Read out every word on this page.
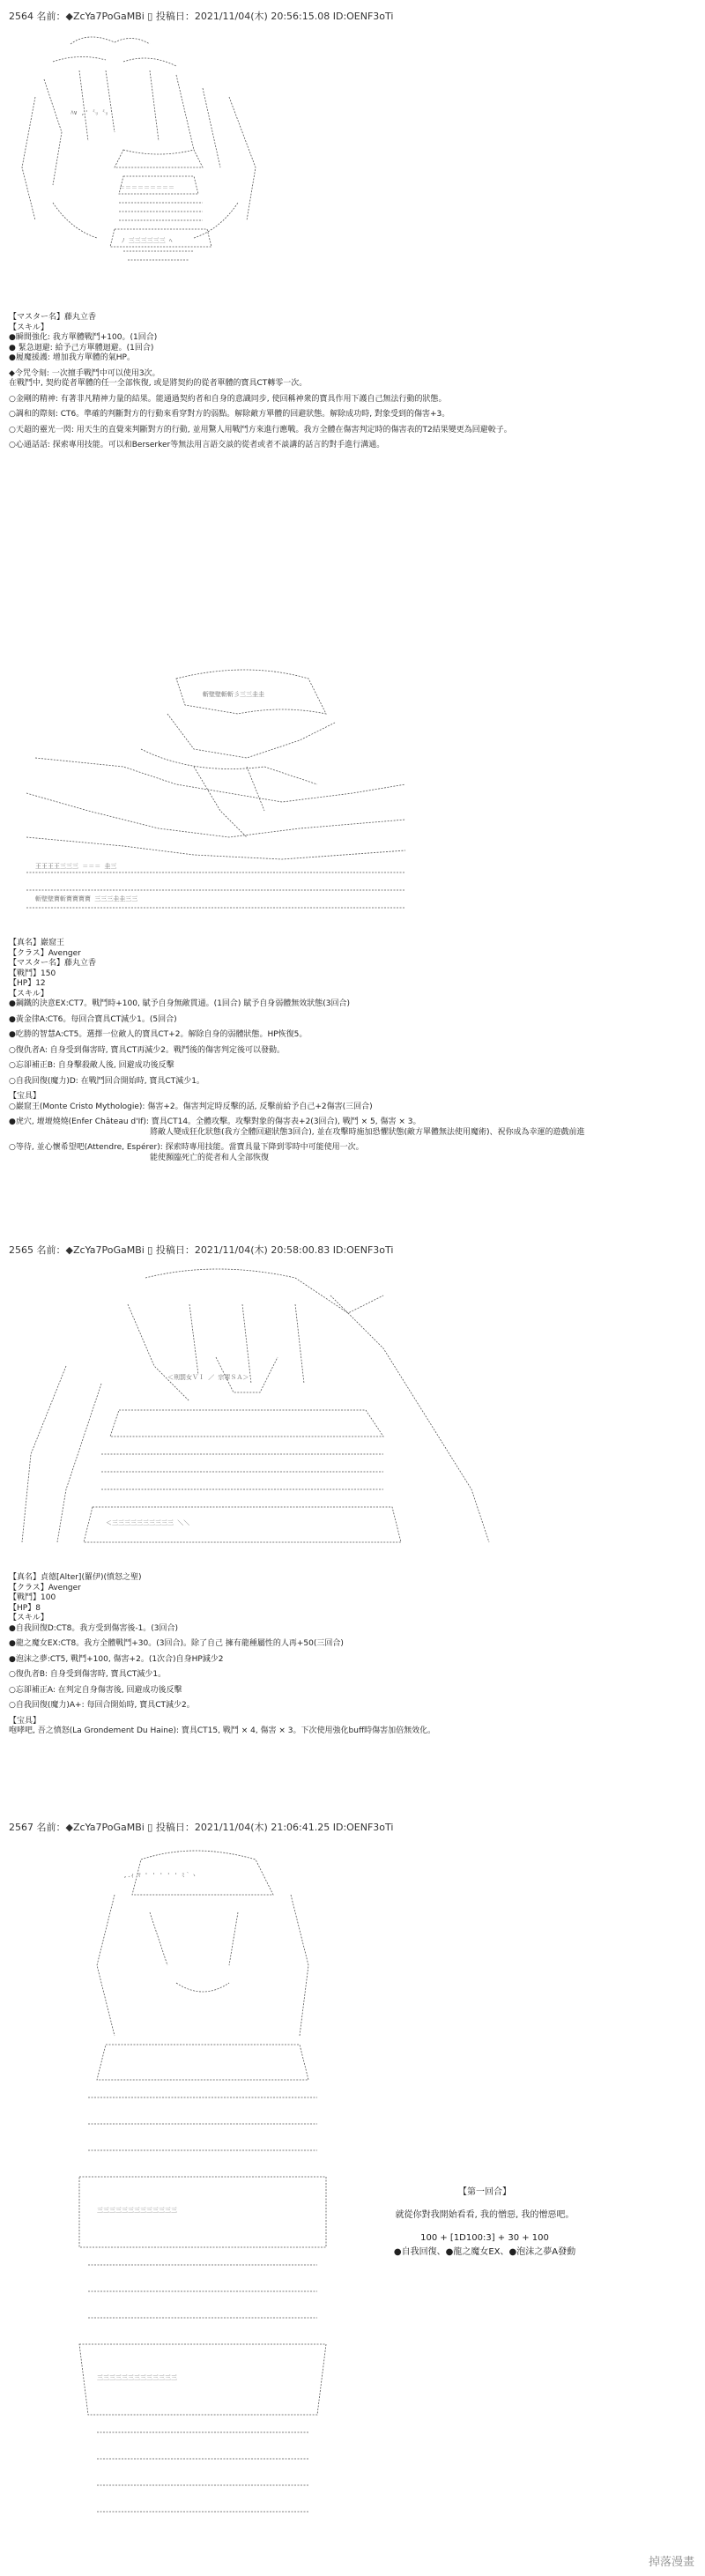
2564 名前：◆ZcYa7PoGaMBi ▯ 投稿日：2021/11/04(木) 20:56:15.08 ID:OENF3oTi
ﾊ∨ ,' ㍉ ㍉
＝＝＝＝＝＝＝＝＝
ﾉ 三三三三三三 ﾍ
【マスター名】藤丸立香
【スキル】
●瞬間強化: 我方單體戰鬥+100。(1回合)
● 緊急迴避: 給予己方單體迴避。(1回合)
●履魔援護: 增加我方單體的氣HP。
◆令咒令刻: 一次擅手戰鬥中可以使用3次。
在戰鬥中, 契約從者單體的任一全部恢復, 或是將契約的從者單體的寶具CT轉零一次。
○金剛的精神: 有著非凡精神力量的結果。能通過契約者和自身的意識同步, 使回稱神衆的寶具作用下護自己無法行動的狀態。
○調和的際刻: CT6。準確的判斷對方的行動來看穿對方的弱點。解除敵方單體的回避狀態。解除成功時, 對象受到的傷害+3。
○天超的靈光一閃: 用天生的直覺來判斷對方的行動, 並用驚人用戰鬥方來進行應戰。我方全體在傷害判定時的傷害表的T2結果變更為回避較子。
○心通話話: 探索專用技能。可以和Berserker等無法用言語交談的從者或者不談講的話言的對手進行溝通。
斬壁壁斬斬彡三三圭圭
王王王王三三三 ＝＝＝ 圭三
斬壁壁寶斬寶寶寶寶 三三三圭圭三三
【真名】巖窟王
【クラス】Avenger
【マスター名】藤丸立香
【戰鬥】150
【HP】12
【スキル】
●鋼鐵的決意EX:CT7。戰鬥時+100, 賦予自身無敵貫通。(1回合) 賦予自身弱體無效狀態(3回合)
●黃金律A:CT6。每回合寶具CT減少1。(5回合)
●吃勝的智慧A:CT5。選擇一位敵人的寶具CT+2。解除自身的弱體狀態。HP恢復5。
○復仇者A: 自身受到傷害時, 寶具CT再減少2。戰鬥後的傷害判定後可以發動。
○忘卻補正B: 自身擊殺敵人後, 回避成功後反擊
○自我回復(魔力)D: 在戰鬥回合開始時, 寶具CT減少1。
【宝具】
○巖窟王(Monte Cristo Mythologie): 傷害+2。傷害判定時反擊的話, 反擊前給予自己+2傷害(三回合)
●虎穴, 壇壇燒燒(Enfer Château d'If): 寶具CT14。全體攻擊。攻擊對象的傷害表+2(3回合), 戰鬥 × 5, 傷害 × 3。
將敵人變成狂化狀態(我方全體回避狀態3回合), 並在攻擊時施加恐懼狀態(敵方單體無法使用魔術)、祝你成為幸運的遊戲前進
○等待, 並心懷希望吧(Attendre, Espérer): 探索時專用技能。當寶具量下降到零時中可能使用一次。
能使瀕臨死亡的從者和人全部恢復
2565 名前：◆ZcYa7PoGaMBi ▯ 投稿日：2021/11/04(木) 20:58:00.83 ID:OENF3oTi
＜刑罰女ＶＩ ／ 宗罪ＳＡ＞
＜三三三三三三三三三三 ＼＼
【真名】貞德[Alter](羅伊)(憤怒之聖)
【クラス】Avenger
【戰鬥】100
【HP】8
【スキル】
●自我回復D:CT8。我方受到傷害後-1。(3回合)
●龍之魔女EX:CT8。我方全體戰鬥+30。(3回合)。除了自己 擁有龍種屬性的人再+50(三回合)
●泡沫之夢:CT5, 戰鬥+100, 傷害+2。(1次合)自身HP減少2
○復仇者B: 自身受到傷害時, 寶具CT減少1。
○忘卻補正A: 在判定自身傷害後, 回避成功後反擊
○自我回復(魔力)A+: 每回合開始時, 寶具CT減少2。
【宝具】
咆哮吧, 吾之憤怒(La Grondement Du Haine): 寶具CT15, 戰鬥 × 4, 傷害 × 3。下次使用強化buff時傷害加倍無效化。
2567 名前：◆ZcYa7PoGaMBi ▯ 投稿日：2021/11/04(木) 21:06:41.25 ID:OENF3oTi
,.ｨ ﾏ ' ' ' ' ' ﾐ｀ヽ
三三三三三三三三三三三三三
三三三三三三三三三三三三三
【第一回合】
就從你對我開始看看, 我的憎惡, 我的憎惡吧。
100 + [1D100:3] + 30 + 100
●自我回復、●龍之魔女EX、●泡沫之夢A發動
掉落漫畫
